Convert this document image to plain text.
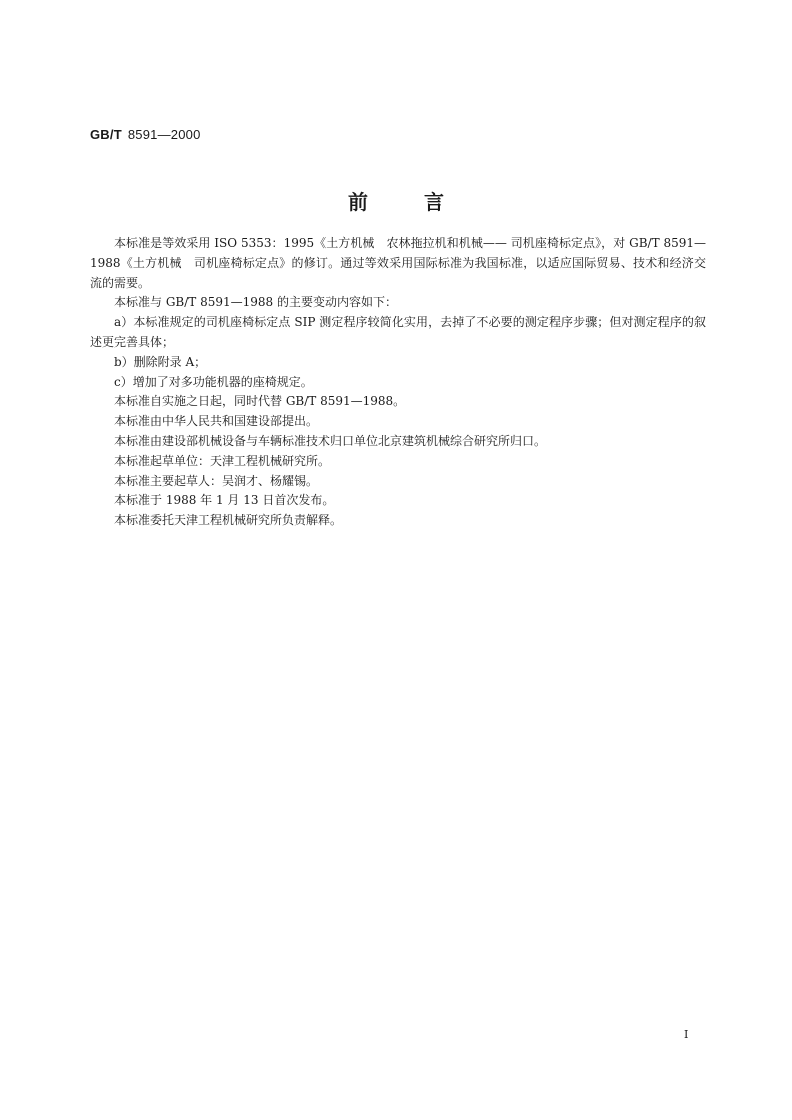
GB/T 8591—2000
前言

本标准是等效采用 ISO 5353：1995《土方机械　农林拖拉机和机械—— 司机座椅标定点》，对 GB/T 8591—1988《土方机械　司机座椅标定点》的修订。通过等效采用国际标准为我国标准，以适应国际贸易、技术和经济交流的需要。

本标准与 GB/T 8591—1988 的主要变动内容如下：

a）本标准规定的司机座椅标定点 SIP 测定程序较简化实用，去掉了不必要的测定程序步骤；但对测定程序的叙述更完善具体；

b）删除附录 A；

c）增加了对多功能机器的座椅规定。

本标准自实施之日起，同时代替 GB/T 8591—1988。

本标准由中华人民共和国建设部提出。

本标准由建设部机械设备与车辆标准技术归口单位北京建筑机械综合研究所归口。

本标准起草单位：天津工程机械研究所。

本标准主要起草人：吴润才、杨耀锡。

本标准于 1988 年 1 月 13 日首次发布。

本标准委托天津工程机械研究所负责解释。

I
